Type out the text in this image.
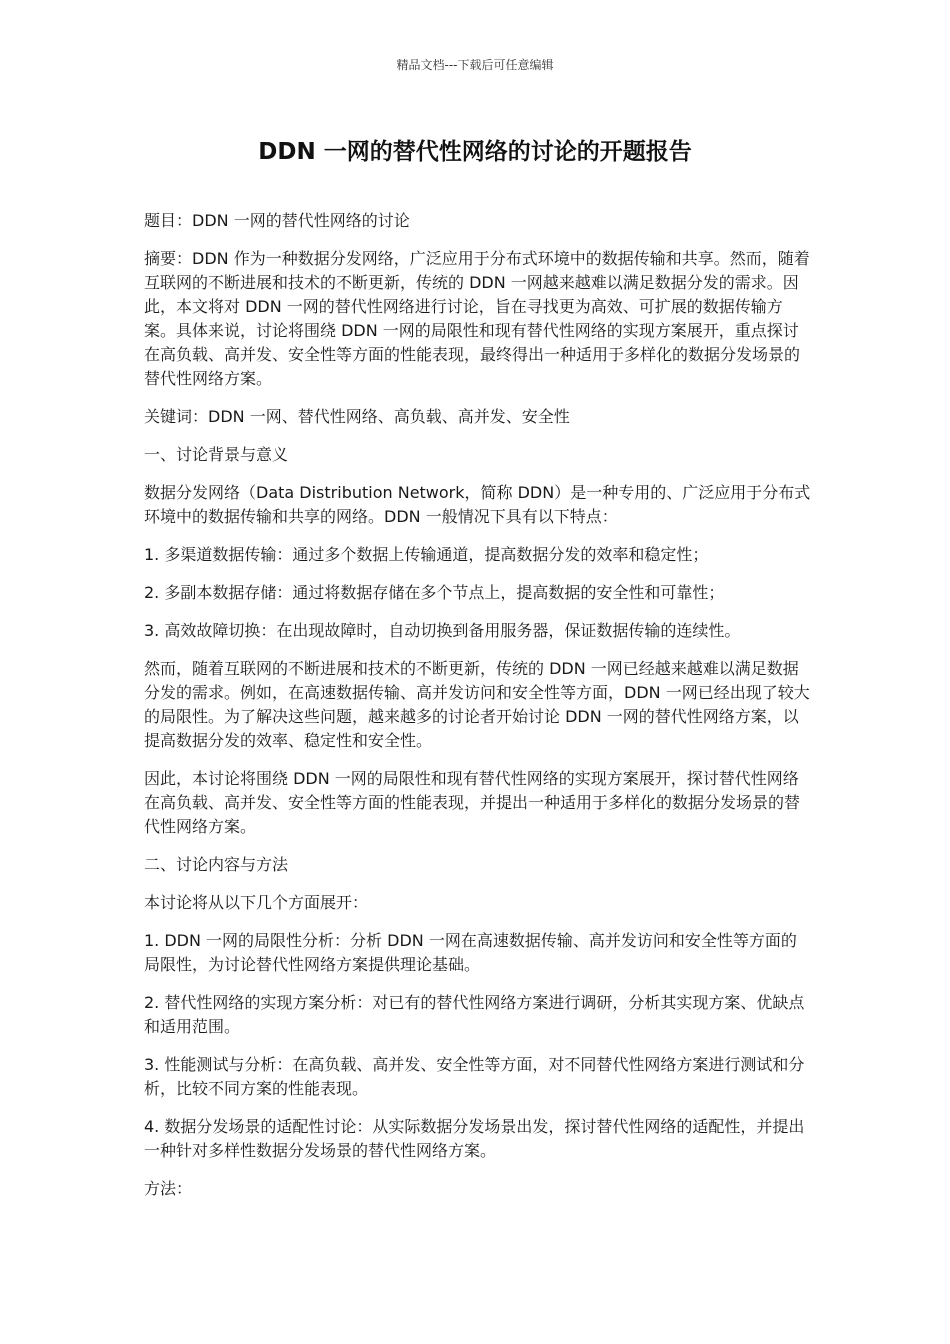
精品文档---下载后可任意编辑
DDN 一网的替代性网络的讨论的开题报告

题目：DDN 一网的替代性网络的讨论

摘要：DDN 作为一种数据分发网络，广泛应用于分布式环境中的数据传输和共享。然而，随着互联网的不断进展和技术的不断更新，传统的 DDN 一网越来越难以满足数据分发的需求。因此，本文将对 DDN 一网的替代性网络进行讨论，旨在寻找更为高效、可扩展的数据传输方案。具体来说，讨论将围绕 DDN 一网的局限性和现有替代性网络的实现方案展开，重点探讨在高负载、高并发、安全性等方面的性能表现，最终得出一种适用于多样化的数据分发场景的替代性网络方案。

关键词：DDN 一网、替代性网络、高负载、高并发、安全性

一、讨论背景与意义

数据分发网络（Data Distribution Network，简称 DDN）是一种专用的、广泛应用于分布式环境中的数据传输和共享的网络。DDN 一般情况下具有以下特点：

1. 多渠道数据传输：通过多个数据上传输通道，提高数据分发的效率和稳定性；

2. 多副本数据存储：通过将数据存储在多个节点上，提高数据的安全性和可靠性；

3. 高效故障切换：在出现故障时，自动切换到备用服务器，保证数据传输的连续性。

然而，随着互联网的不断进展和技术的不断更新，传统的 DDN 一网已经越来越难以满足数据分发的需求。例如，在高速数据传输、高并发访问和安全性等方面，DDN 一网已经出现了较大的局限性。为了解决这些问题，越来越多的讨论者开始讨论 DDN 一网的替代性网络方案，以提高数据分发的效率、稳定性和安全性。

因此，本讨论将围绕 DDN 一网的局限性和现有替代性网络的实现方案展开，探讨替代性网络在高负载、高并发、安全性等方面的性能表现，并提出一种适用于多样化的数据分发场景的替代性网络方案。

二、讨论内容与方法

本讨论将从以下几个方面展开：

1. DDN 一网的局限性分析：分析 DDN 一网在高速数据传输、高并发访问和安全性等方面的局限性，为讨论替代性网络方案提供理论基础。

2. 替代性网络的实现方案分析：对已有的替代性网络方案进行调研，分析其实现方案、优缺点和适用范围。

3. 性能测试与分析：在高负载、高并发、安全性等方面，对不同替代性网络方案进行测试和分析，比较不同方案的性能表现。

4. 数据分发场景的适配性讨论：从实际数据分发场景出发，探讨替代性网络的适配性，并提出一种针对多样性数据分发场景的替代性网络方案。

方法：
